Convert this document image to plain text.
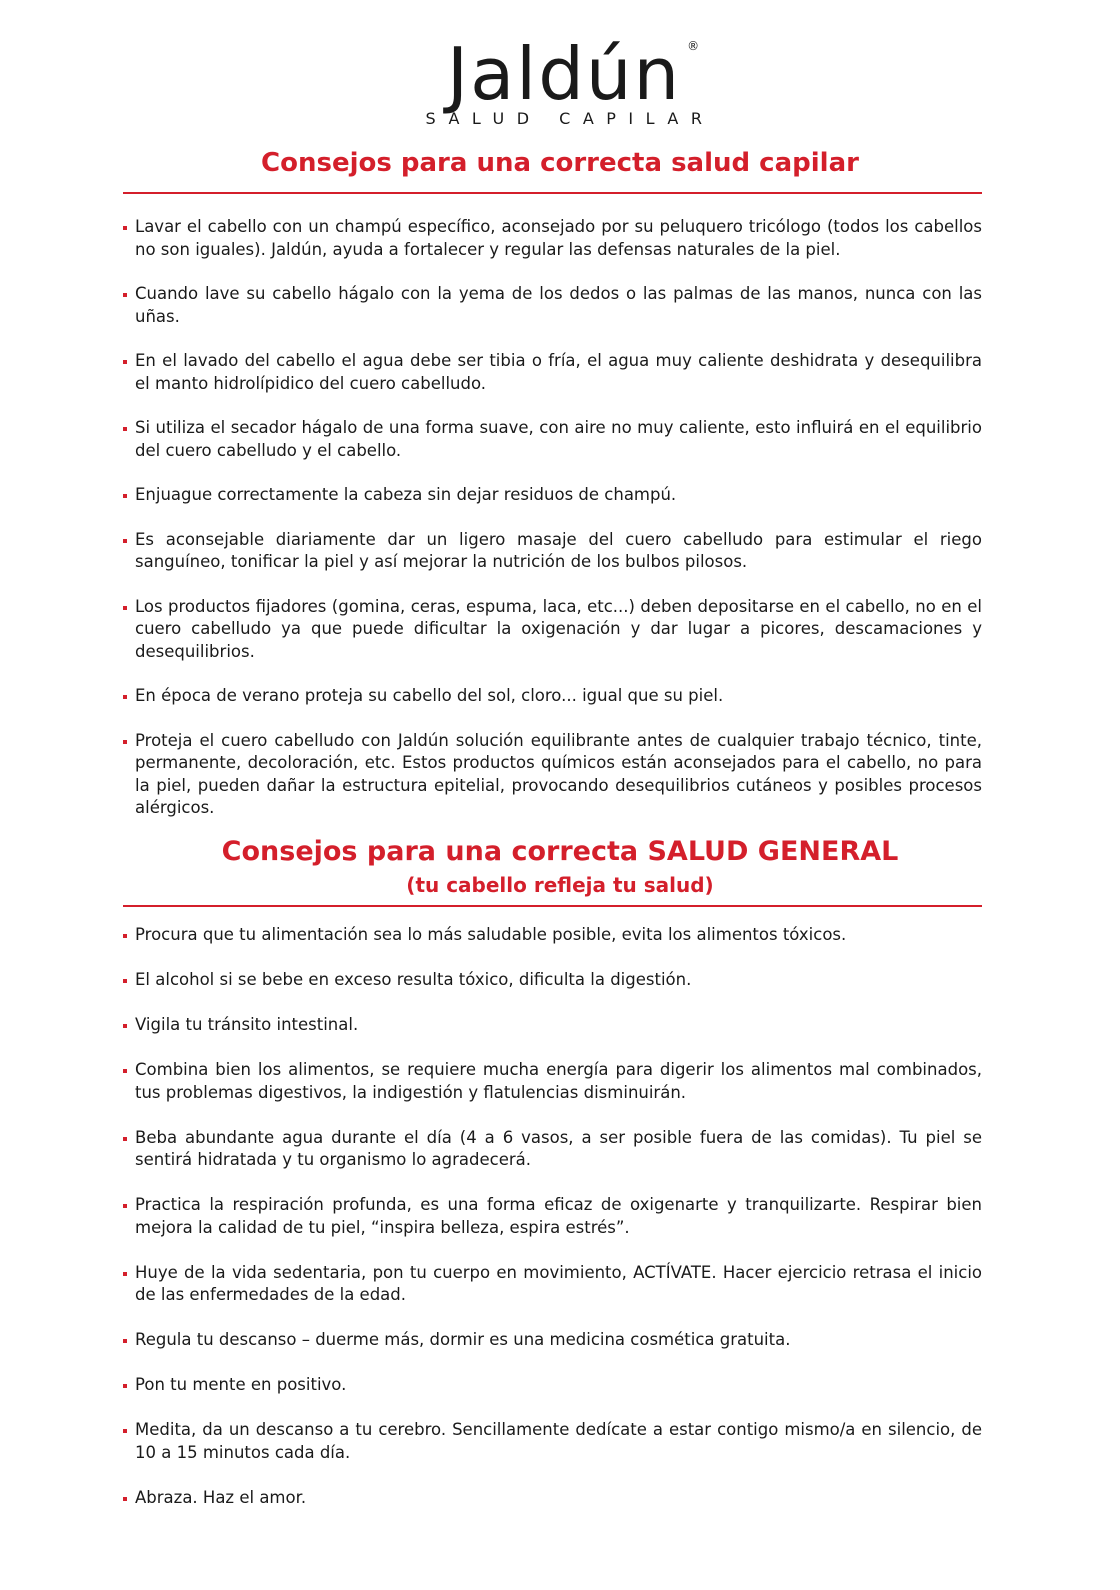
Jaldún ®
SALUD CAPILAR
Consejos para una correcta salud capilar
Lavar el cabello con un champú específico, aconsejado por su peluquero tricólogo (todos los cabellos no son iguales). Jaldún, ayuda a fortalecer y regular las defensas naturales de la piel.
Cuando lave su cabello hágalo con la yema de los dedos o las palmas de las manos, nunca con las uñas.
En el lavado del cabello el agua debe ser tibia o fría, el agua muy caliente deshidrata y desequilibra el manto hidrolípidico del cuero cabelludo.
Si utiliza el secador hágalo de una forma suave, con aire no muy caliente, esto influirá en el equilibrio del cuero cabelludo y el cabello.
Enjuague correctamente la cabeza sin dejar residuos de champú.
Es aconsejable diariamente dar un ligero masaje del cuero cabelludo para estimular el riego sanguíneo, tonificar la piel y así mejorar la nutrición de los bulbos pilosos.
Los productos fijadores (gomina, ceras, espuma, laca, etc...) deben depositarse en el cabello, no en el cuero cabelludo ya que puede dificultar la oxigenación y dar lugar a picores, descamaciones y desequilibrios.
En época de verano proteja su cabello del sol, cloro... igual que su piel.
Proteja el cuero cabelludo con Jaldún solución equilibrante antes de cualquier trabajo técnico, tinte, permanente, decoloración, etc. Estos productos químicos están aconsejados para el cabello, no para la piel, pueden dañar la estructura epitelial, provocando desequilibrios cutáneos y posibles procesos alérgicos.
Consejos para una correcta SALUD GENERAL
(tu cabello refleja tu salud)
Procura que tu alimentación sea lo más saludable posible, evita los alimentos tóxicos.
El alcohol si se bebe en exceso resulta tóxico, dificulta la digestión.
Vigila tu tránsito intestinal.
Combina bien los alimentos, se requiere mucha energía para digerir los alimentos mal combinados, tus problemas digestivos, la indigestión y flatulencias disminuirán.
Beba abundante agua durante el día (4 a 6 vasos, a ser posible fuera de las comidas). Tu piel se sentirá hidratada y tu organismo lo agradecerá.
Practica la respiración profunda, es una forma eficaz de oxigenarte y tranquilizarte. Respirar bien mejora la calidad de tu piel, “inspira belleza, espira estrés”.
Huye de la vida sedentaria, pon tu cuerpo en movimiento, ACTÍVATE. Hacer ejercicio retrasa el inicio de las enfermedades de la edad.
Regula tu descanso – duerme más, dormir es una medicina cosmética gratuita.
Pon tu mente en positivo.
Medita, da un descanso a tu cerebro. Sencillamente dedícate a estar contigo mismo/a en silencio, de 10 a 15 minutos cada día.
Abraza. Haz el amor.
